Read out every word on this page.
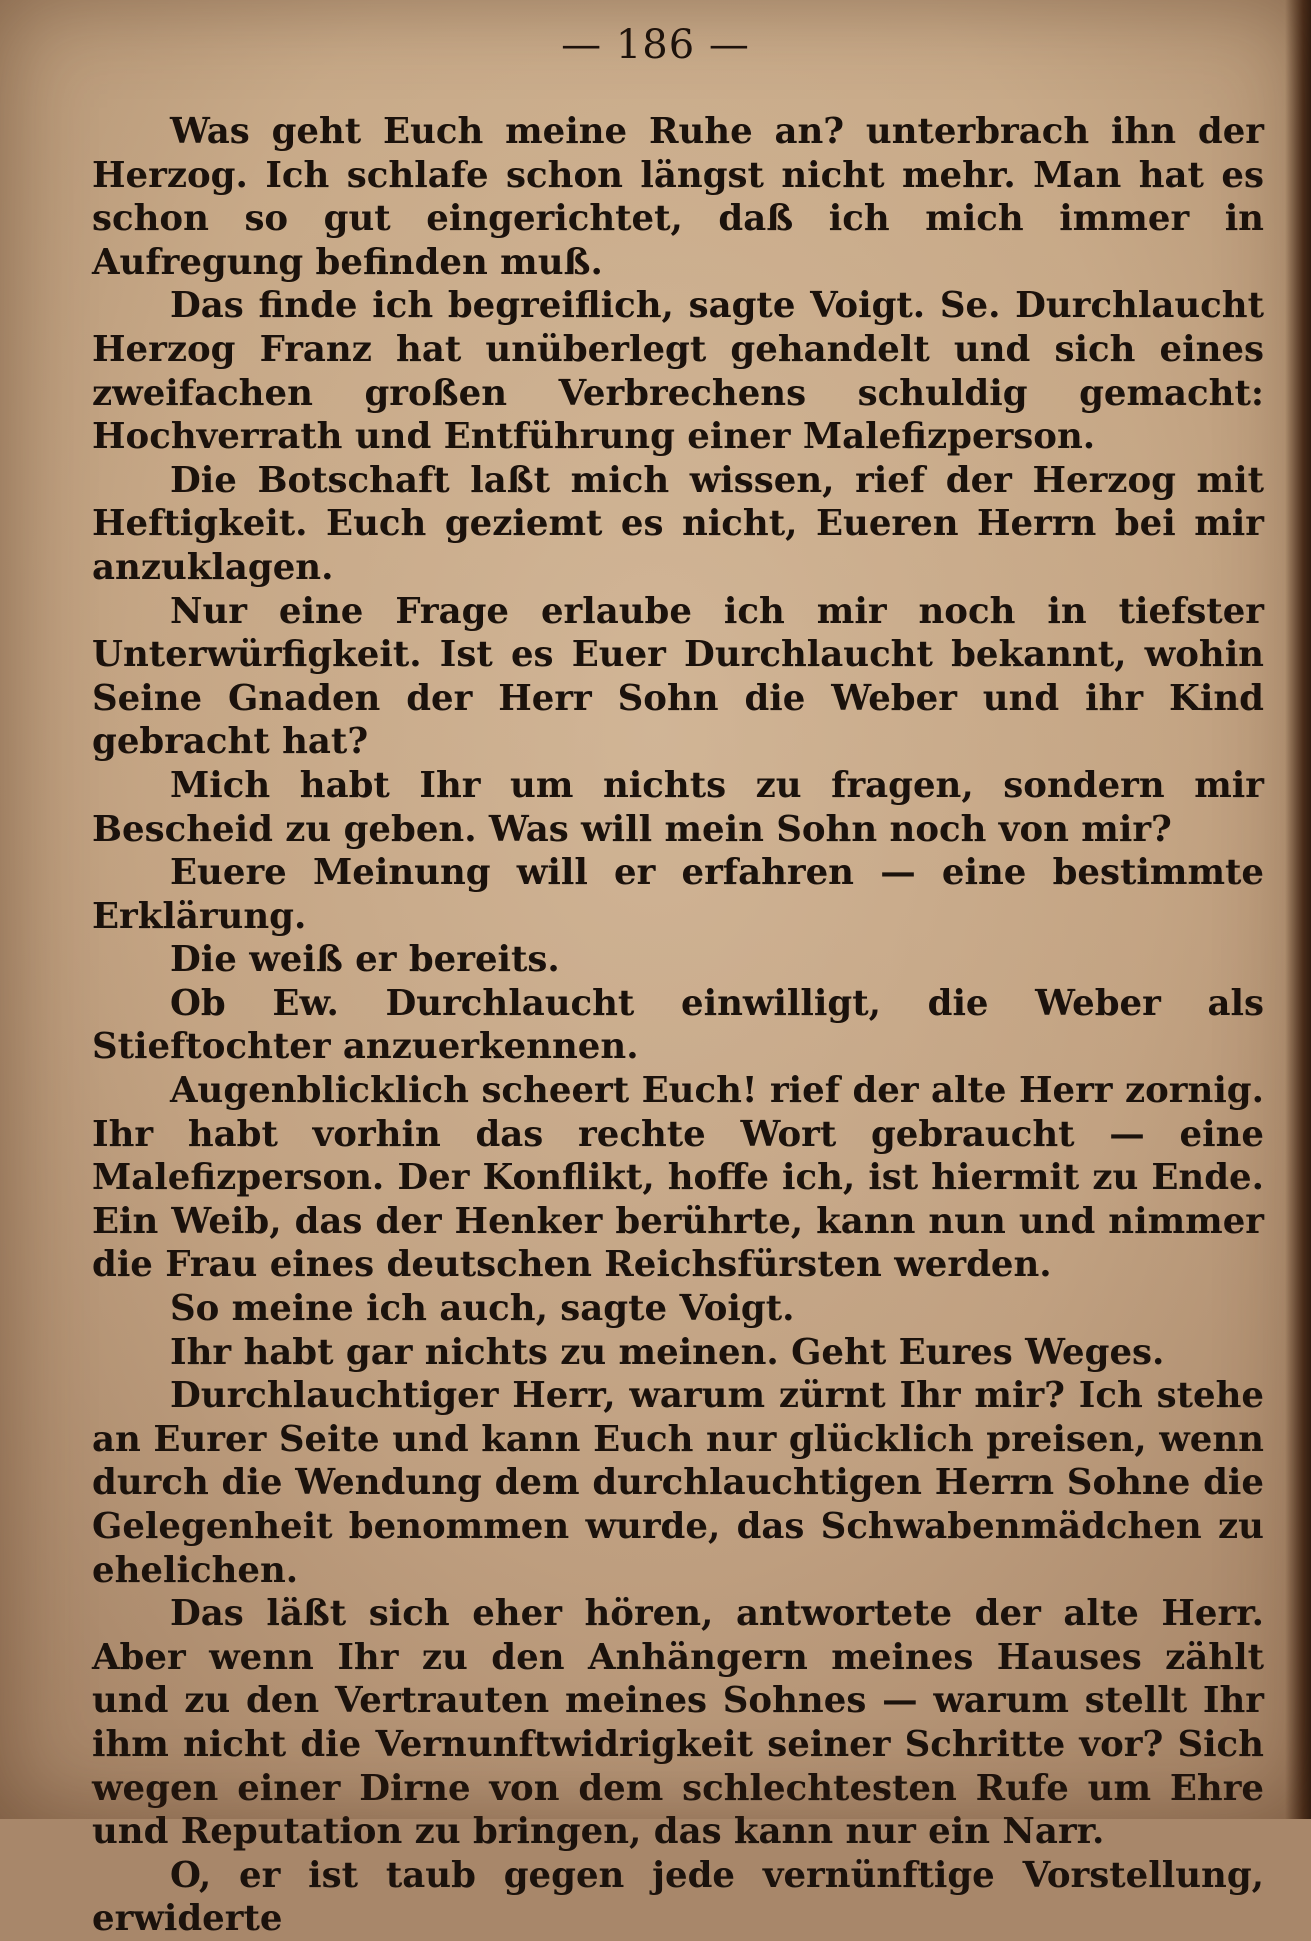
— 186 —

Was geht Euch meine Ruhe an? unterbrach ihn der Herzog. Ich schlafe schon längst nicht mehr. Man hat es schon so gut eingerichtet, daß ich mich immer in Aufregung befinden muß.

Das finde ich begreiflich, sagte Voigt. Se. Durchlaucht Herzog Franz hat unüberlegt gehandelt und sich eines zweifachen großen Verbrechens schuldig gemacht: Hochverrath und Entführung einer Malefizperson.

Die Botschaft laßt mich wissen, rief der Herzog mit Heftigkeit. Euch geziemt es nicht, Eueren Herrn bei mir anzuklagen.

Nur eine Frage erlaube ich mir noch in tiefster Unterwürfigkeit. Ist es Euer Durchlaucht bekannt, wohin Seine Gnaden der Herr Sohn die Weber und ihr Kind gebracht hat?

Mich habt Ihr um nichts zu fragen, sondern mir Bescheid zu geben. Was will mein Sohn noch von mir?

Euere Meinung will er erfahren — eine bestimmte Erklärung.

Die weiß er bereits.

Ob Ew. Durchlaucht einwilligt, die Weber als Stieftochter anzuerkennen.

Augenblicklich scheert Euch! rief der alte Herr zornig. Ihr habt vorhin das rechte Wort gebraucht — eine Malefizperson. Der Konflikt, hoffe ich, ist hiermit zu Ende. Ein Weib, das der Henker berührte, kann nun und nimmer die Frau eines deutschen Reichsfürsten werden.

So meine ich auch, sagte Voigt.

Ihr habt gar nichts zu meinen. Geht Eures Weges.

Durchlauchtiger Herr, warum zürnt Ihr mir? Ich stehe an Eurer Seite und kann Euch nur glücklich preisen, wenn durch die Wendung dem durchlauchtigen Herrn Sohne die Gelegenheit benommen wurde, das Schwabenmädchen zu ehelichen.

Das läßt sich eher hören, antwortete der alte Herr. Aber wenn Ihr zu den Anhängern meines Hauses zählt und zu den Vertrauten meines Sohnes — warum stellt Ihr ihm nicht die Vernunftwidrigkeit seiner Schritte vor? Sich wegen einer Dirne von dem schlechtesten Rufe um Ehre und Reputation zu bringen, das kann nur ein Narr.

O, er ist taub gegen jede vernünftige Vorstellung, erwiderte
